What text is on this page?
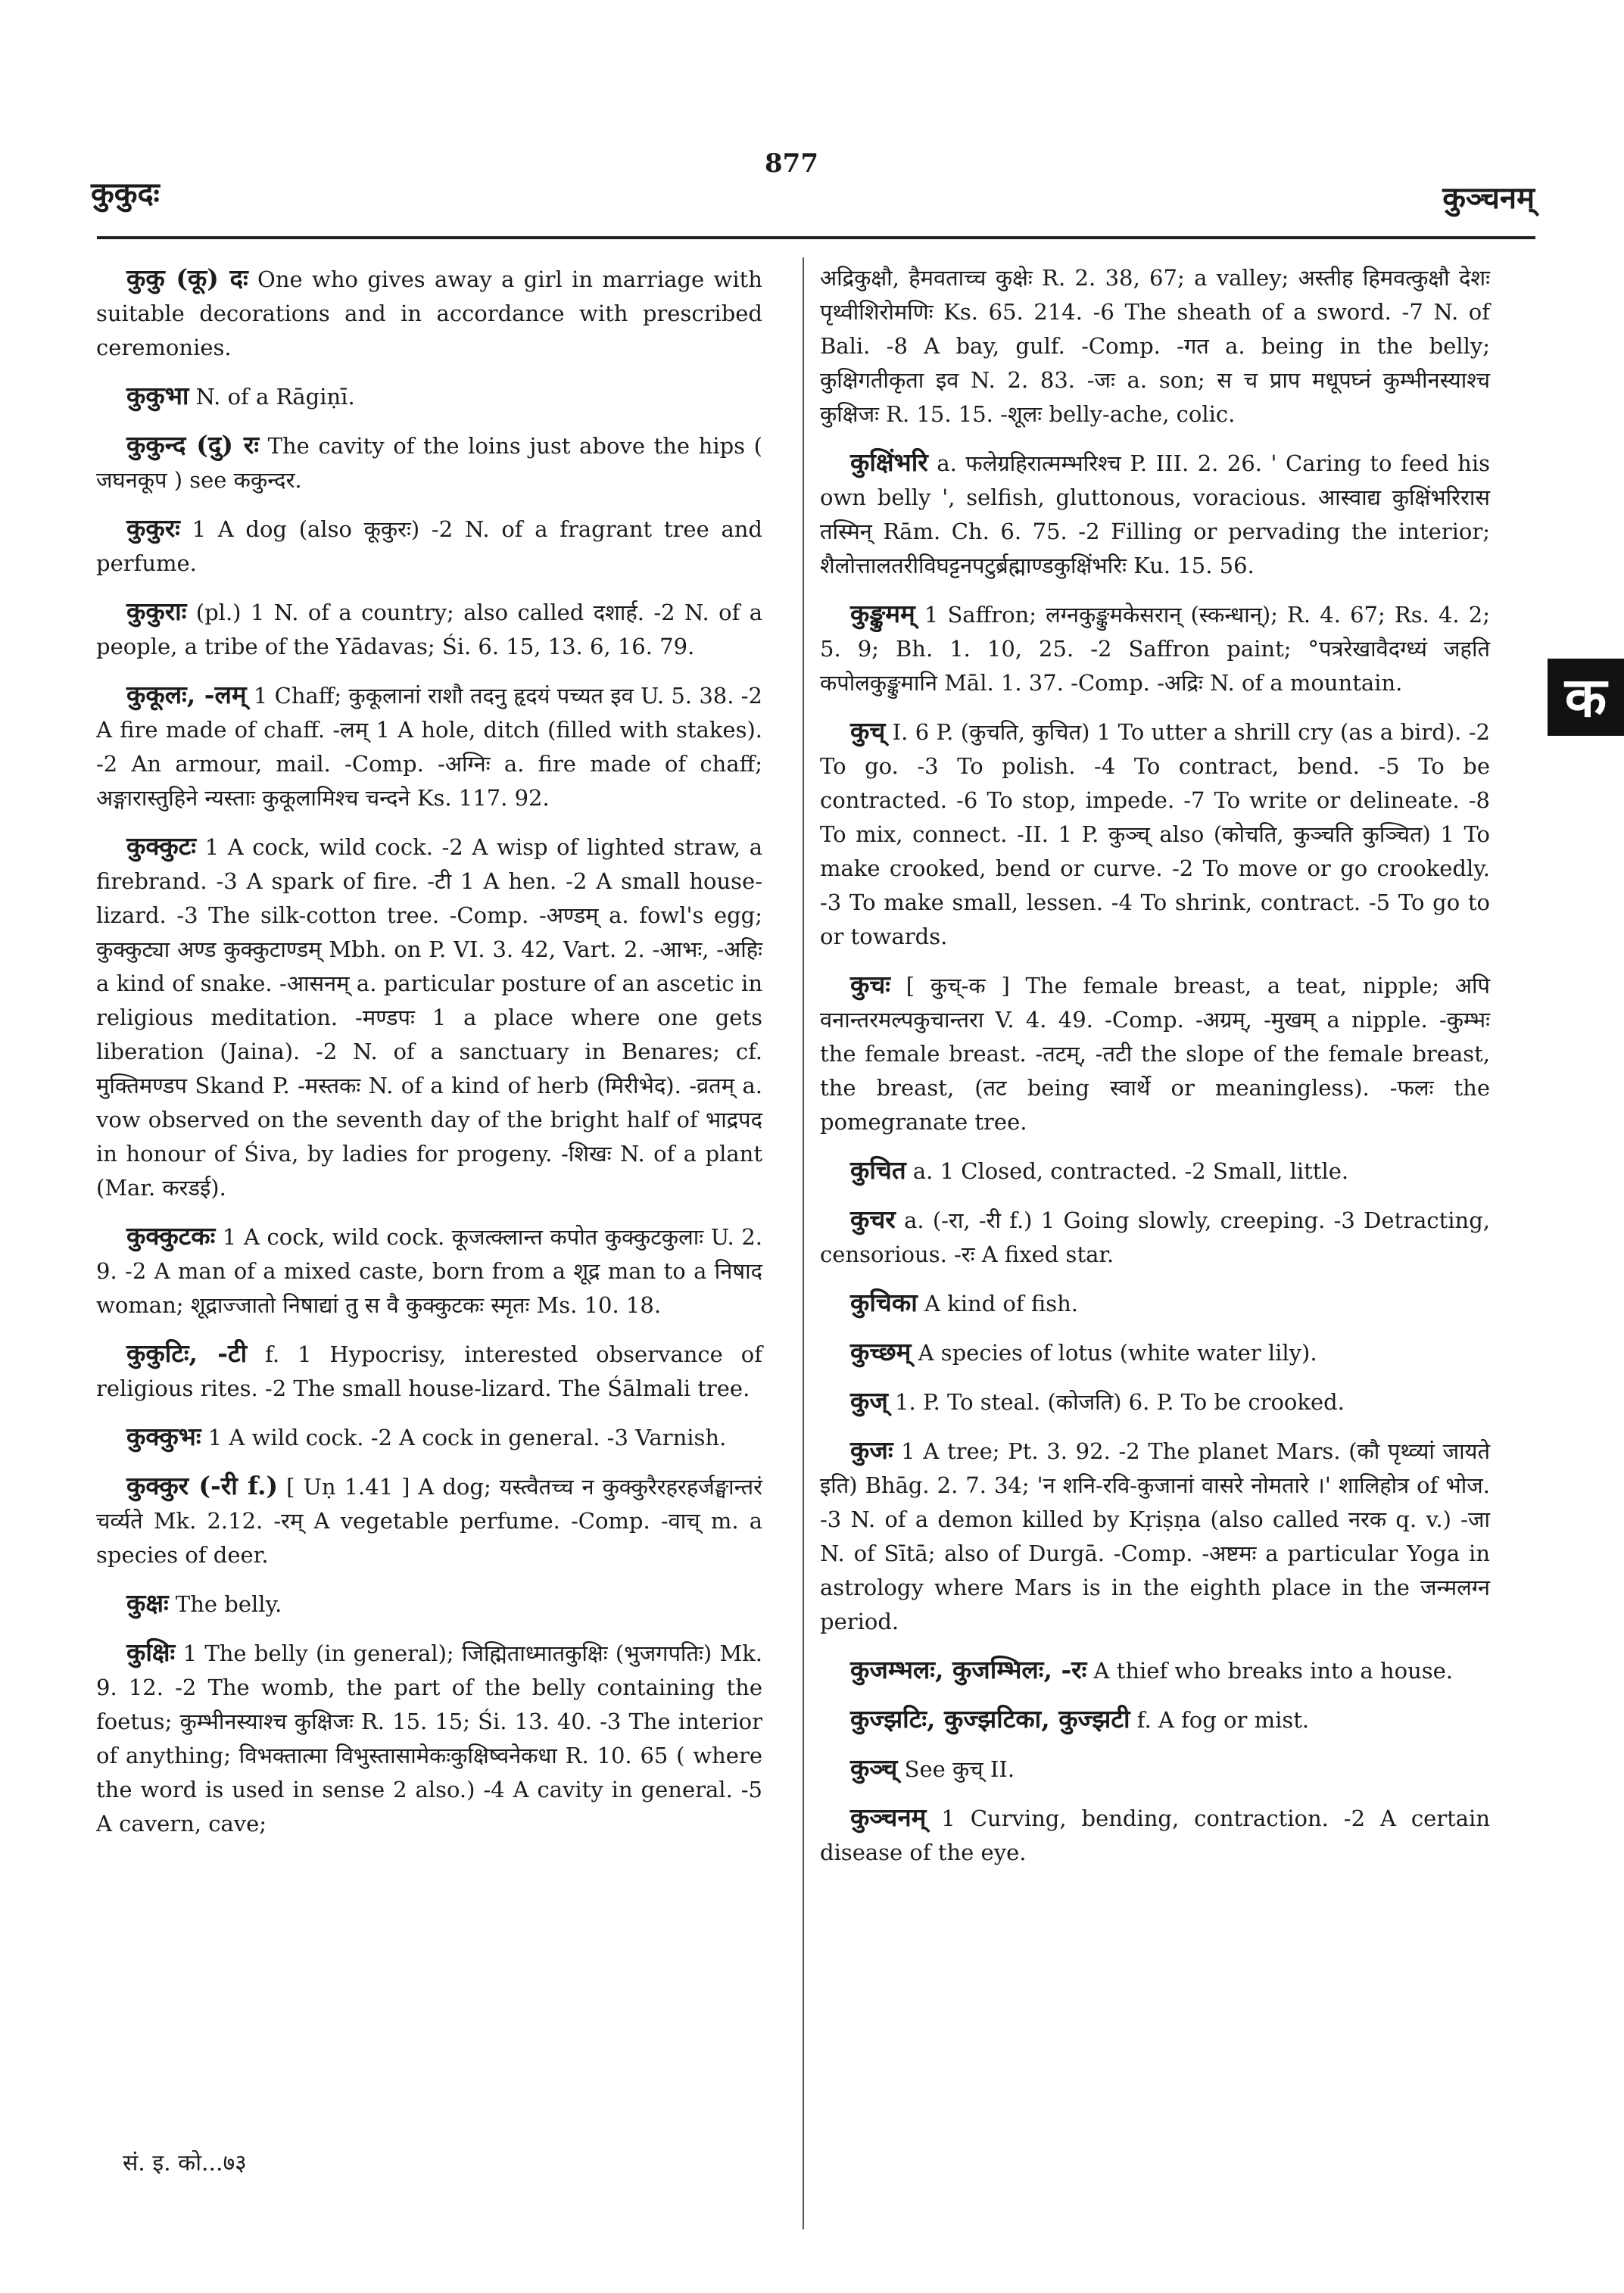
कुकुदः
877
कुञ्चनम्
कुकु (कू) दः One who gives away a girl in marriage with suitable decorations and in accordance with prescribed ceremonies.
कुकुभा N. of a Rāgiṇī.
कुकुन्द (दु) रः The cavity of the loins just above the hips ( जघनकूप ) see ककुन्दर.
कुकुरः 1 A dog (also कूकुरः) -2 N. of a fragrant tree and perfume.
कुकुराः (pl.) 1 N. of a country; also called दशार्ह. -2 N. of a people, a tribe of the Yādavas; Śi. 6. 15, 13. 6, 16. 79.
कुकूलः, -लम् 1 Chaff; कुकूलानां राशौ तदनु हृदयं पच्यत इव U. 5. 38. -2 A fire made of chaff. -लम् 1 A hole, ditch (filled with stakes). -2 An armour, mail. -Comp. -अग्निः a. fire made of chaff; अङ्गारास्तुहिने न्यस्ताः कुकूलामिश्च चन्दने Ks. 117. 92.
कुक्कुटः 1 A cock, wild cock. -2 A wisp of lighted straw, a firebrand. -3 A spark of fire. -टी 1 A hen. -2 A small house-lizard. -3 The silk-cotton tree. -Comp. -अण्डम् a. fowl's egg; कुक्कुट्या अण्ड कुक्कुटाण्डम् Mbh. on P. VI. 3. 42, Vart. 2. -आभः, -अहिः a kind of snake. -आसनम् a. particular posture of an ascetic in religious meditation. -मण्डपः 1 a place where one gets liberation (Jaina). -2 N. of a sanctuary in Benares; cf. मुक्तिमण्डप Skand P. -मस्तकः N. of a kind of herb (मिरीभेद). -व्रतम् a. vow observed on the seventh day of the bright half of भाद्रपद in honour of Śiva, by ladies for progeny. -शिखः N. of a plant (Mar. करडई).
कुक्कुटकः 1 A cock, wild cock. कूजत्क्लान्त कपोत कुक्कुटकुलाः U. 2. 9. -2 A man of a mixed caste, born from a शूद्र man to a निषाद woman; शूद्राज्जातो निषाद्यां तु स वै कुक्कुटकः स्मृतः Ms. 10. 18.
कुकुटिः, -टी f. 1 Hypocrisy, interested observance of religious rites. -2 The small house-lizard. The Śālmali tree.
कुक्कुभः 1 A wild cock. -2 A cock in general. -3 Varnish.
कुक्कुर (-री f.) [ Uṇ 1.41 ] A dog; यस्त्वैतच्च न कुक्कुरैरहरहर्जङ्घान्तरं चर्व्यते Mk. 2.12. -रम् A vegetable perfume. -Comp. -वाच् m. a species of deer.
कुक्षः The belly.
कुक्षिः 1 The belly (in general); जिह्मिताध्मातकुक्षिः (भुजगपतिः) Mk. 9. 12. -2 The womb, the part of the belly containing the foetus; कुम्भीनस्याश्च कुक्षिजः R. 15. 15; Śi. 13. 40. -3 The interior of anything; विभक्तात्मा विभुस्तासामेकःकुक्षिष्वनेकधा R. 10. 65 ( where the word is used in sense 2 also.) -4 A cavity in general. -5 A cavern, cave;
अद्रिकुक्षौ, हैमवताच्च कुक्षेः R. 2. 38, 67; a valley; अस्तीह हिमवत्कुक्षौ देशः पृथ्वीशिरोमणिः Ks. 65. 214. -6 The sheath of a sword. -7 N. of Bali. -8 A bay, gulf. -Comp. -गत a. being in the belly; कुक्षिगतीकृता इव N. 2. 83. -जः a. son; स च प्राप मधूपघ्नं कुम्भीनस्याश्च कुक्षिजः R. 15. 15. -शूलः belly-ache, colic.
कुक्षिंभरि a. फलेग्रहिरात्मम्भरिश्च P. III. 2. 26. ' Caring to feed his own belly ', selfish, gluttonous, voracious. आस्वाद्य कुक्षिंभरिरास तस्मिन् Rām. Ch. 6. 75. -2 Filling or pervading the interior; शैलोत्तालतरीविघट्टनपटुर्ब्रह्माण्डकुक्षिंभरिः Ku. 15. 56.
कुङ्कुमम् 1 Saffron; लग्नकुङ्कुमकेसरान् (स्कन्धान्); R. 4. 67; Rs. 4. 2; 5. 9; Bh. 1. 10, 25. -2 Saffron paint; °पत्ररेखावैदग्ध्यं जहति कपोलकुङ्कुमानि Māl. 1. 37. -Comp. -अद्रिः N. of a mountain.
कुच् I. 6 P. (कुचति, कुचित) 1 To utter a shrill cry (as a bird). -2 To go. -3 To polish. -4 To contract, bend. -5 To be contracted. -6 To stop, impede. -7 To write or delineate. -8 To mix, connect. -II. 1 P. कुञ्च् also (कोचति, कुञ्चति कुञ्चित) 1 To make crooked, bend or curve. -2 To move or go crookedly. -3 To make small, lessen. -4 To shrink, contract. -5 To go to or towards.
कुचः [ कुच्-क ] The female breast, a teat, nipple; अपि वनान्तरमल्पकुचान्तरा V. 4. 49. -Comp. -अग्रम्, -मुखम् a nipple. -कुम्भः the female breast. -तटम्, -तटी the slope of the female breast, the breast, (तट being स्वार्थे or meaningless). -फलः the pomegranate tree.
कुचित a. 1 Closed, contracted. -2 Small, little.
कुचर a. (-रा, -री f.) 1 Going slowly, creeping. -3 Detracting, censorious. -रः A fixed star.
कुचिका A kind of fish.
कुच्छम् A species of lotus (white water lily).
कुज् 1. P. To steal. (कोजति) 6. P. To be crooked.
कुजः 1 A tree; Pt. 3. 92. -2 The planet Mars. (कौ पृथ्व्यां जायते इति) Bhāg. 2. 7. 34; 'न शनि-रवि-कुजानां वासरे नोमतारे ।' शालिहोत्र of भोज. -3 N. of a demon killed by Kṛiṣṇa (also called नरक q. v.) -जा N. of Sītā; also of Durgā. -Comp. -अष्टमः a particular Yoga in astrology where Mars is in the eighth place in the जन्मलग्न period.
कुजम्भलः, कुजम्भिलः, -रः A thief who breaks into a house.
कुज्झटिः, कुज्झटिका, कुज्झटी f. A fog or mist.
कुञ्च् See कुच् II.
कुञ्चनम् 1 Curving, bending, contraction. -2 A certain disease of the eye.
क
सं. इ. को...७३
